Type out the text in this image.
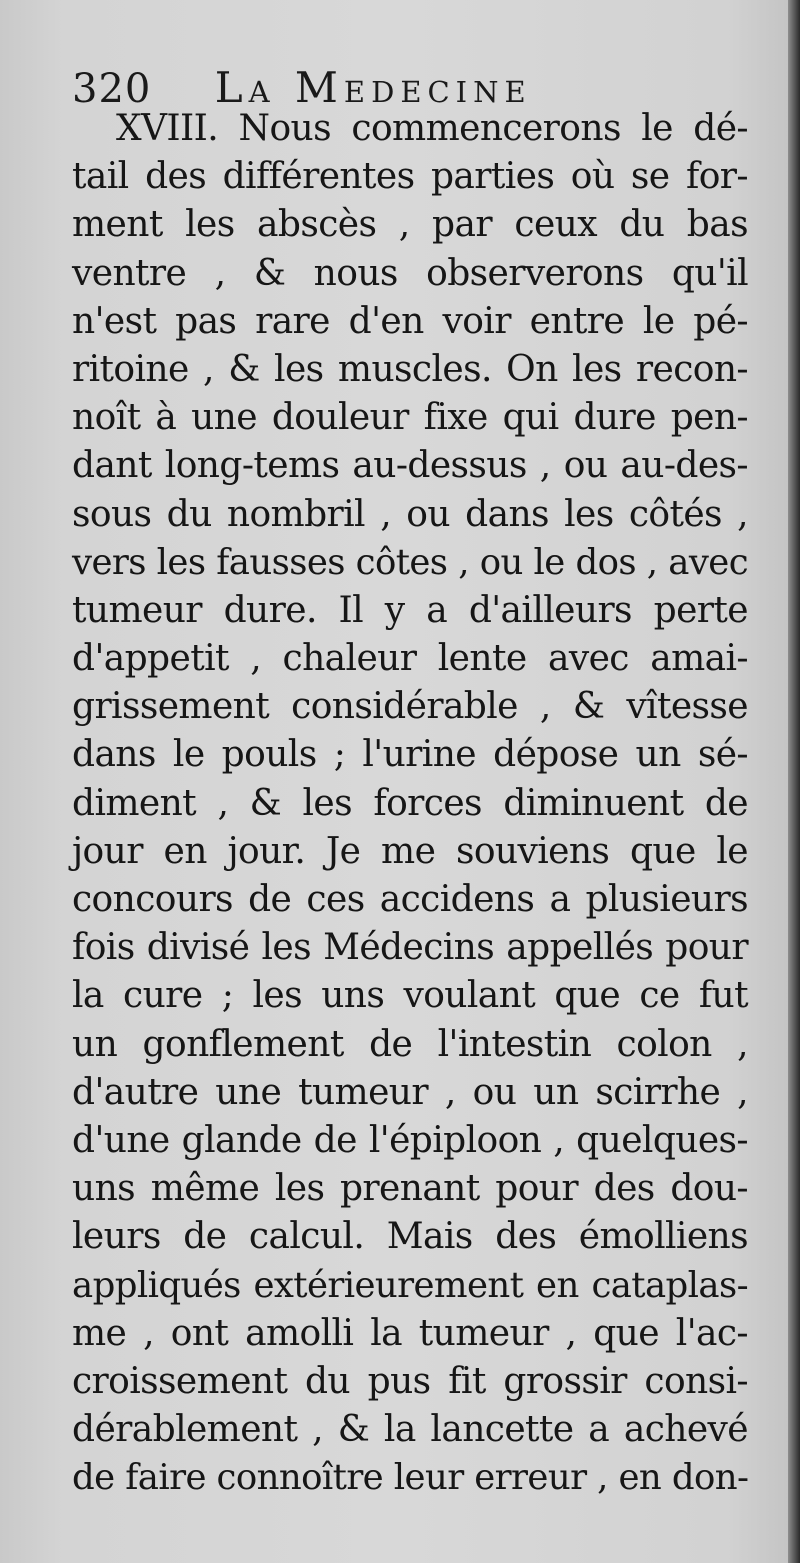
320 La Medecine
XVIII. Nous commencerons le dé-
tail des différentes parties où se for-
ment les abscès , par ceux du bas
ventre , & nous observerons qu'il
n'est pas rare d'en voir entre le pé-
ritoine , & les muscles. On les recon-
noît à une douleur fixe qui dure pen-
dant long-tems au-dessus , ou au-des-
sous du nombril , ou dans les côtés ,
vers les fausses côtes , ou le dos , avec
tumeur dure. Il y a d'ailleurs perte
d'appetit , chaleur lente avec amai-
grissement considérable , & vîtesse
dans le pouls ; l'urine dépose un sé-
diment , & les forces diminuent de
jour en jour. Je me souviens que le
concours de ces accidens a plusieurs
fois divisé les Médecins appellés pour
la cure ; les uns voulant que ce fut
un gonflement de l'intestin colon ,
d'autre une tumeur , ou un scirrhe ,
d'une glande de l'épiploon , quelques-
uns même les prenant pour des dou-
leurs de calcul. Mais des émolliens
appliqués extérieurement en cataplas-
me , ont amolli la tumeur , que l'ac-
croissement du pus fit grossir consi-
dérablement , & la lancette a achevé
de faire connoître leur erreur , en don-
